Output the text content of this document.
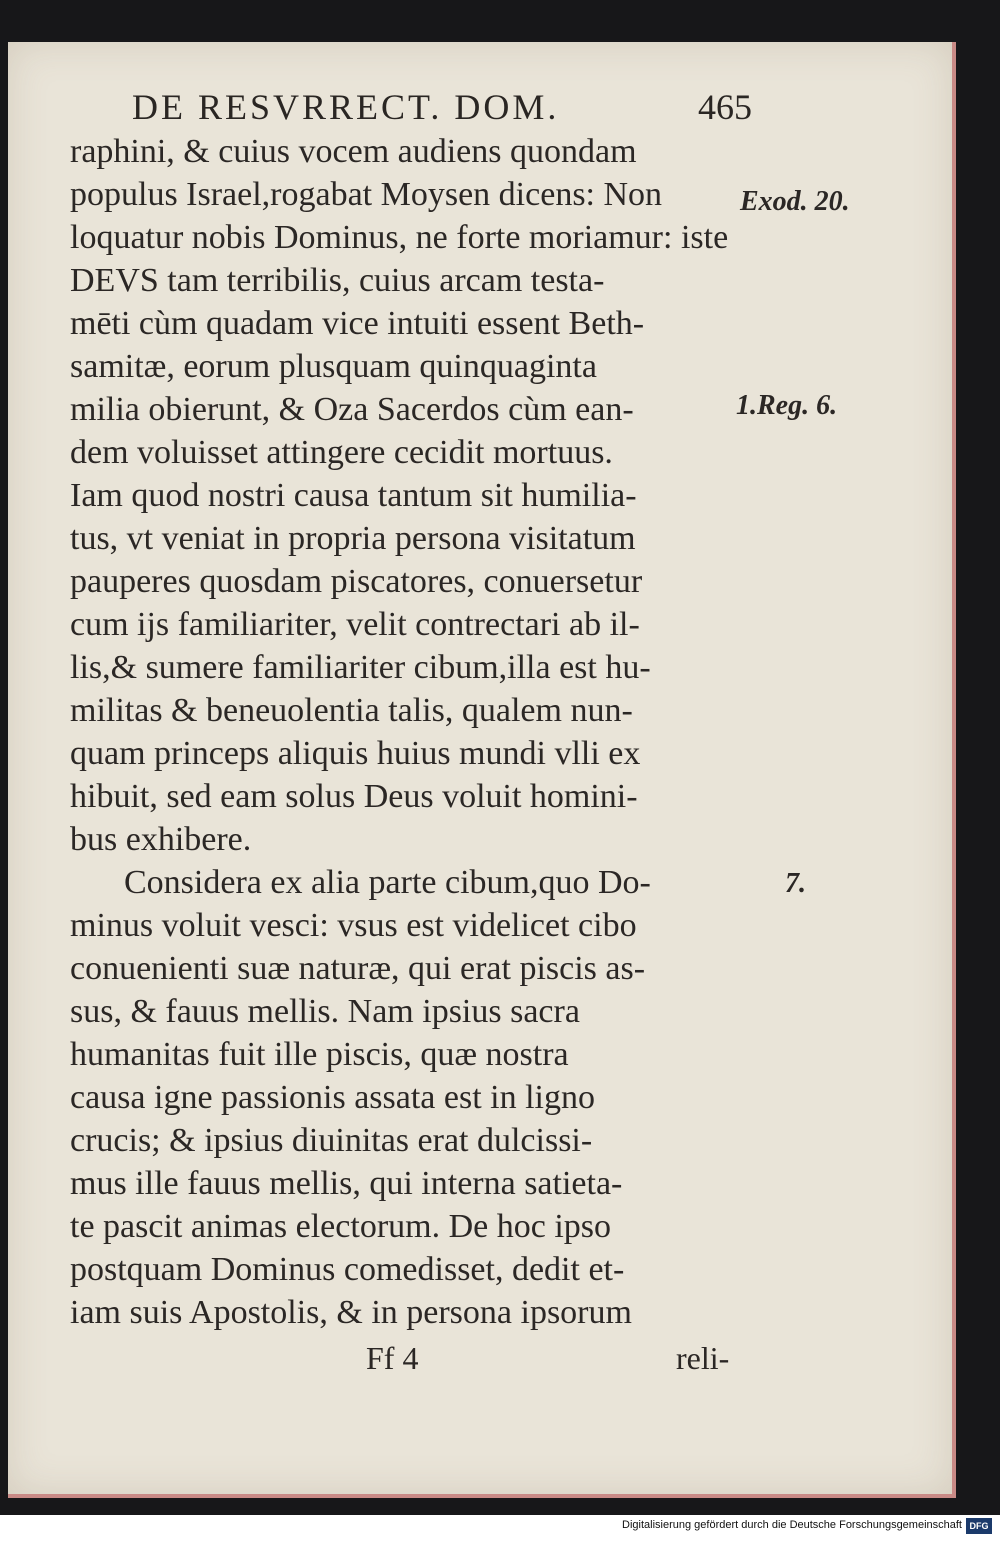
DE RESVRRECT. DOM.	465
raphini, & cuius vocem audiens quondam
populus Israel,rogabat Moysen dicens: Non
loquatur nobis Dominus, ne forte moriamur: iste
DEVS tam terribilis, cuius arcam testa-
mēti cùm quadam vice intuiti essent Beth-
samitæ, eorum plusquam quinquaginta
milia obierunt, & Oza Sacerdos cùm ean-
dem voluisset attingere cecidit mortuus.
Iam quod nostri causa tantum sit humilia-
tus, vt veniat in propria persona visitatum
pauperes quosdam piscatores, conuersetur
cum ijs familiariter, velit contrectari ab il-
lis,& sumere familiariter cibum,illa est hu-
militas & beneuolentia talis, qualem nun-
quam princeps aliquis huius mundi vlli ex
hibuit, sed eam solus Deus voluit homini-
bus exhibere.
Considera ex alia parte cibum,quo Do-
minus voluit vesci: vsus est videlicet cibo
conuenienti suæ naturæ, qui erat piscis as-
sus, & fauus mellis. Nam ipsius sacra
humanitas fuit ille piscis, quæ nostra
causa igne passionis assata est in ligno
crucis; & ipsius diuinitas erat dulcissi-
mus ille fauus mellis, qui interna satieta-
te pascit animas electorum. De hoc ipso
postquam Dominus comedisset, dedit et-
iam suis Apostolis, & in persona ipsorum
Exod. 20.
1.Reg. 6.
7.
Ff 4	reli-
Digitalisierung gefördert durch die Deutsche Forschungsgemeinschaft DFG
